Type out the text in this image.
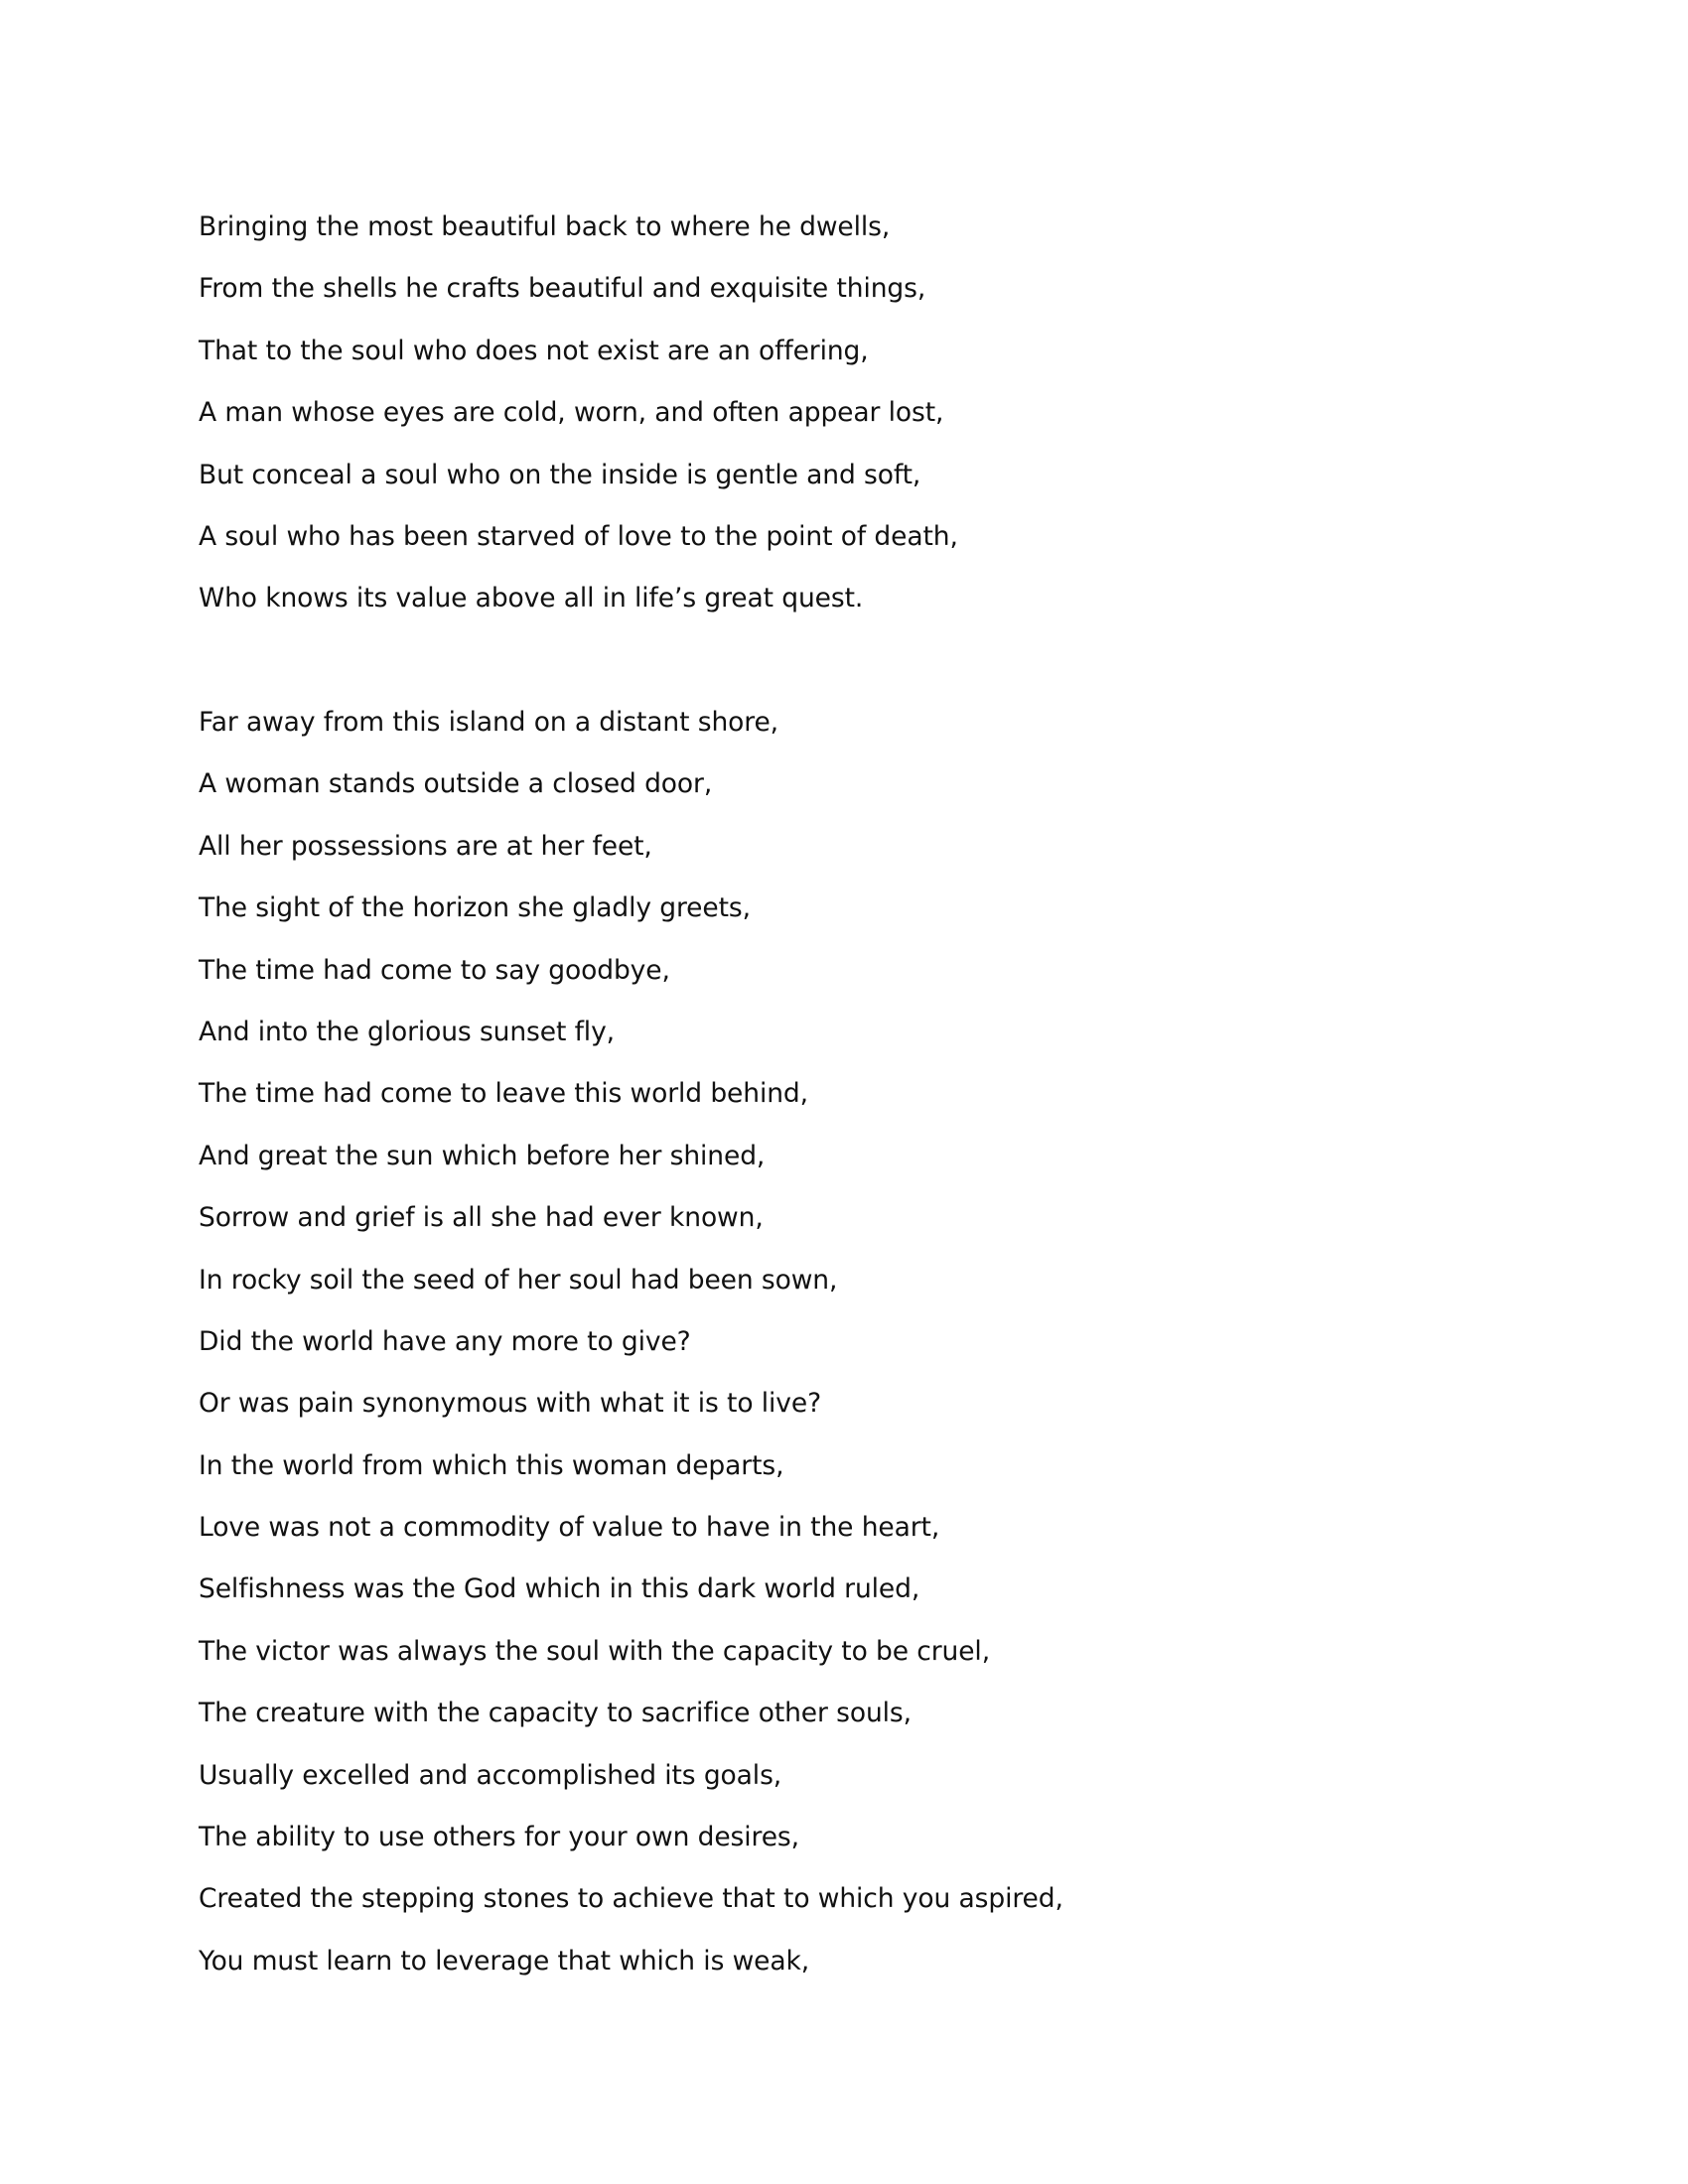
Bringing the most beautiful back to where he dwells,
From the shells he crafts beautiful and exquisite things,
That to the soul who does not exist are an offering,
A man whose eyes are cold, worn, and often appear lost,
But conceal a soul who on the inside is gentle and soft,
A soul who has been starved of love to the point of death,
Who knows its value above all in life’s great quest.
Far away from this island on a distant shore,
A woman stands outside a closed door,
All her possessions are at her feet,
The sight of the horizon she gladly greets,
The time had come to say goodbye,
And into the glorious sunset fly,
The time had come to leave this world behind,
And great the sun which before her shined,
Sorrow and grief is all she had ever known,
In rocky soil the seed of her soul had been sown,
Did the world have any more to give?
Or was pain synonymous with what it is to live?
In the world from which this woman departs,
Love was not a commodity of value to have in the heart,
Selfishness was the God which in this dark world ruled,
The victor was always the soul with the capacity to be cruel,
The creature with the capacity to sacrifice other souls,
Usually excelled and accomplished its goals,
The ability to use others for your own desires,
Created the stepping stones to achieve that to which you aspired,
You must learn to leverage that which is weak,
